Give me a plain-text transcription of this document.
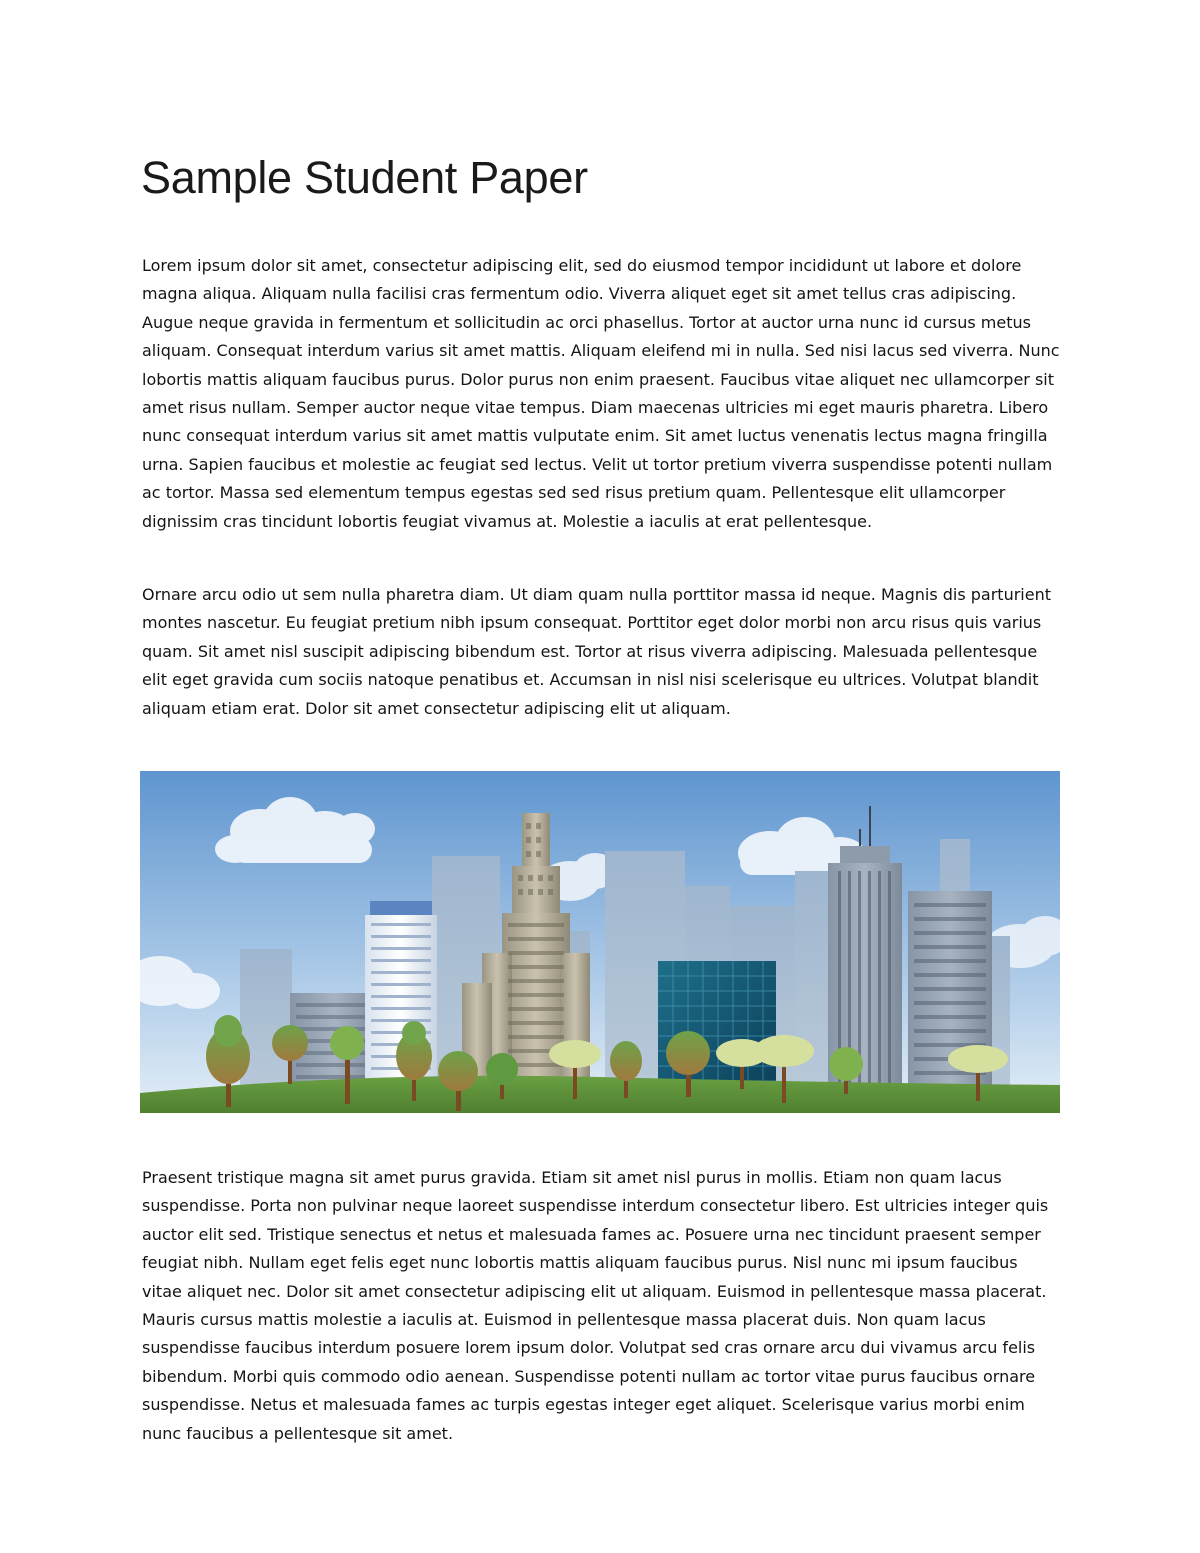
Sample Student Paper

Lorem ipsum dolor sit amet, consectetur adipiscing elit, sed do eiusmod tempor incididunt ut labore et dolore magna aliqua. Aliquam nulla facilisi cras fermentum odio. Viverra aliquet eget sit amet tellus cras adipiscing. Augue neque gravida in fermentum et sollicitudin ac orci phasellus. Tortor at auctor urna nunc id cursus metus aliquam. Consequat interdum varius sit amet mattis. Aliquam eleifend mi in nulla. Sed nisi lacus sed viverra. Nunc lobortis mattis aliquam faucibus purus. Dolor purus non enim praesent. Faucibus vitae aliquet nec ullamcorper sit amet risus nullam. Semper auctor neque vitae tempus. Diam maecenas ultricies mi eget mauris pharetra. Libero nunc consequat interdum varius sit amet mattis vulputate enim. Sit amet luctus venenatis lectus magna fringilla urna. Sapien faucibus et molestie ac feugiat sed lectus. Velit ut tortor pretium viverra suspendisse potenti nullam ac tortor. Massa sed elementum tempus egestas sed sed risus pretium quam. Pellentesque elit ullamcorper dignissim cras tincidunt lobortis feugiat vivamus at. Molestie a iaculis at erat pellentesque.

Ornare arcu odio ut sem nulla pharetra diam. Ut diam quam nulla porttitor massa id neque. Magnis dis parturient montes nascetur. Eu feugiat pretium nibh ipsum consequat. Porttitor eget dolor morbi non arcu risus quis varius quam. Sit amet nisl suscipit adipiscing bibendum est. Tortor at risus viverra adipiscing. Malesuada pellentesque elit eget gravida cum sociis natoque penatibus et. Accumsan in nisl nisi scelerisque eu ultrices. Volutpat blandit aliquam etiam erat. Dolor sit amet consectetur adipiscing elit ut aliquam.

Praesent tristique magna sit amet purus gravida. Etiam sit amet nisl purus in mollis. Etiam non quam lacus suspendisse. Porta non pulvinar neque laoreet suspendisse interdum consectetur libero. Est ultricies integer quis auctor elit sed. Tristique senectus et netus et malesuada fames ac. Posuere urna nec tincidunt praesent semper feugiat nibh. Nullam eget felis eget nunc lobortis mattis aliquam faucibus purus. Nisl nunc mi ipsum faucibus vitae aliquet nec. Dolor sit amet consectetur adipiscing elit ut aliquam. Euismod in pellentesque massa placerat. Mauris cursus mattis molestie a iaculis at. Euismod in pellentesque massa placerat duis. Non quam lacus suspendisse faucibus interdum posuere lorem ipsum dolor. Volutpat sed cras ornare arcu dui vivamus arcu felis bibendum. Morbi quis commodo odio aenean. Suspendisse potenti nullam ac tortor vitae purus faucibus ornare suspendisse. Netus et malesuada fames ac turpis egestas integer eget aliquet. Scelerisque varius morbi enim nunc faucibus a pellentesque sit amet.
